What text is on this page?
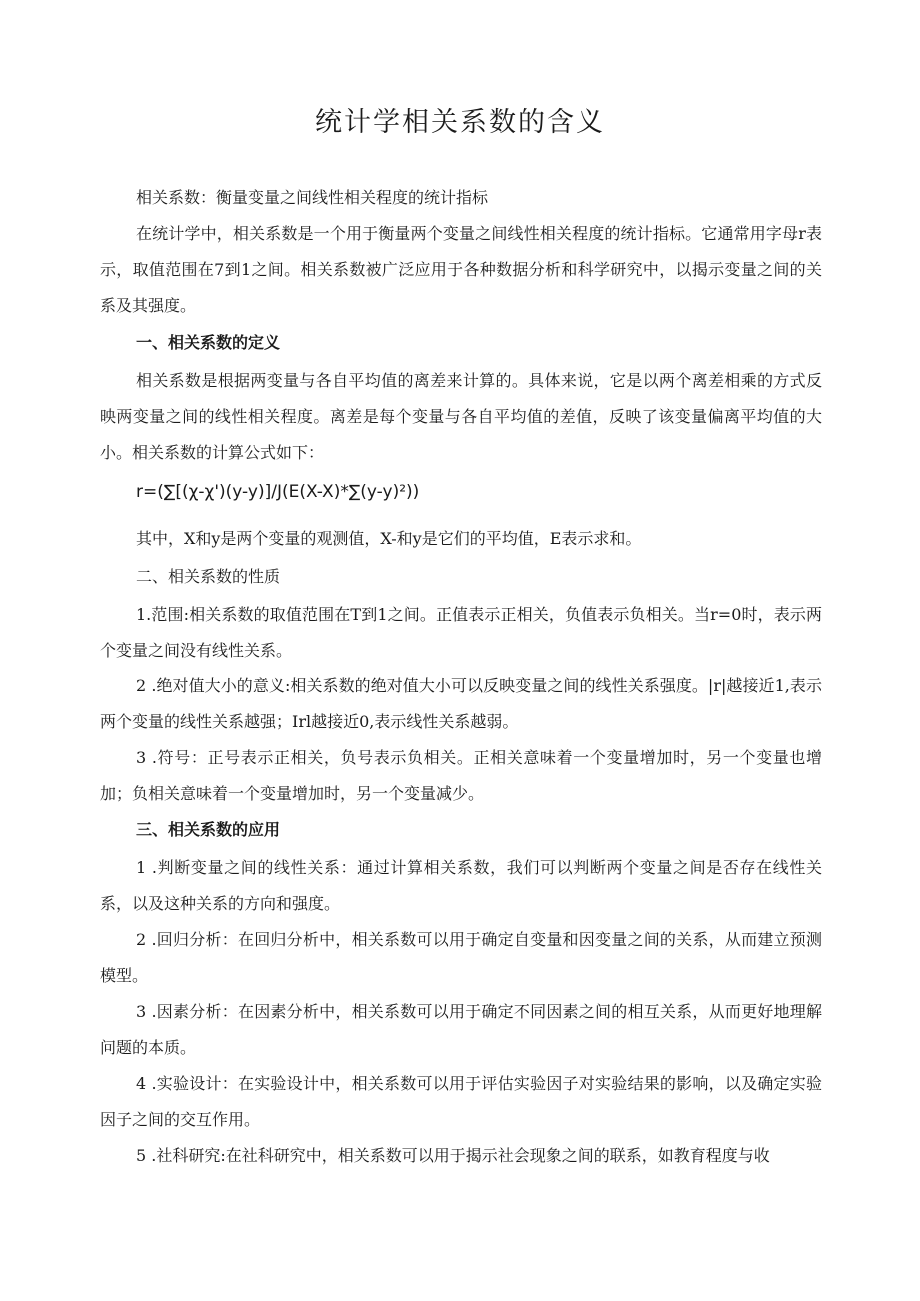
统计学相关系数的含义

相关系数：衡量变量之间线性相关程度的统计指标

在统计学中，相关系数是一个用于衡量两个变量之间线性相关程度的统计指标。它通常用字母r表示，取值范围在7到1之间。相关系数被广泛应用于各种数据分析和科学研究中，以揭示变量之间的关系及其强度。

一、相关系数的定义

相关系数是根据两变量与各自平均值的离差来计算的。具体来说，它是以两个离差相乘的方式反映两变量之间的线性相关程度。离差是每个变量与各自平均值的差值，反映了该变量偏离平均值的大小。相关系数的计算公式如下：

r=(∑[(χ-χ')(y-y)]/J(E(X-X)*∑(y-y)²))

其中，X和y是两个变量的观测值，X-和y是它们的平均值，E表示求和。

二、相关系数的性质

1.范围:相关系数的取值范围在T到1之间。正值表示正相关，负值表示负相关。当r=0时，表示两个变量之间没有线性关系。

2 .绝对值大小的意义:相关系数的绝对值大小可以反映变量之间的线性关系强度。|r|越接近1,表示两个变量的线性关系越强；Irl越接近0,表示线性关系越弱。

3 .符号：正号表示正相关，负号表示负相关。正相关意味着一个变量增加时，另一个变量也增加；负相关意味着一个变量增加时，另一个变量减少。

三、相关系数的应用

1 .判断变量之间的线性关系：通过计算相关系数，我们可以判断两个变量之间是否存在线性关系，以及这种关系的方向和强度。

2 .回归分析：在回归分析中，相关系数可以用于确定自变量和因变量之间的关系，从而建立预测模型。

3 .因素分析：在因素分析中，相关系数可以用于确定不同因素之间的相互关系，从而更好地理解问题的本质。

4 .实验设计：在实验设计中，相关系数可以用于评估实验因子对实验结果的影响，以及确定实验因子之间的交互作用。

5 .社科研究:在社科研究中，相关系数可以用于揭示社会现象之间的联系，如教育程度与收
